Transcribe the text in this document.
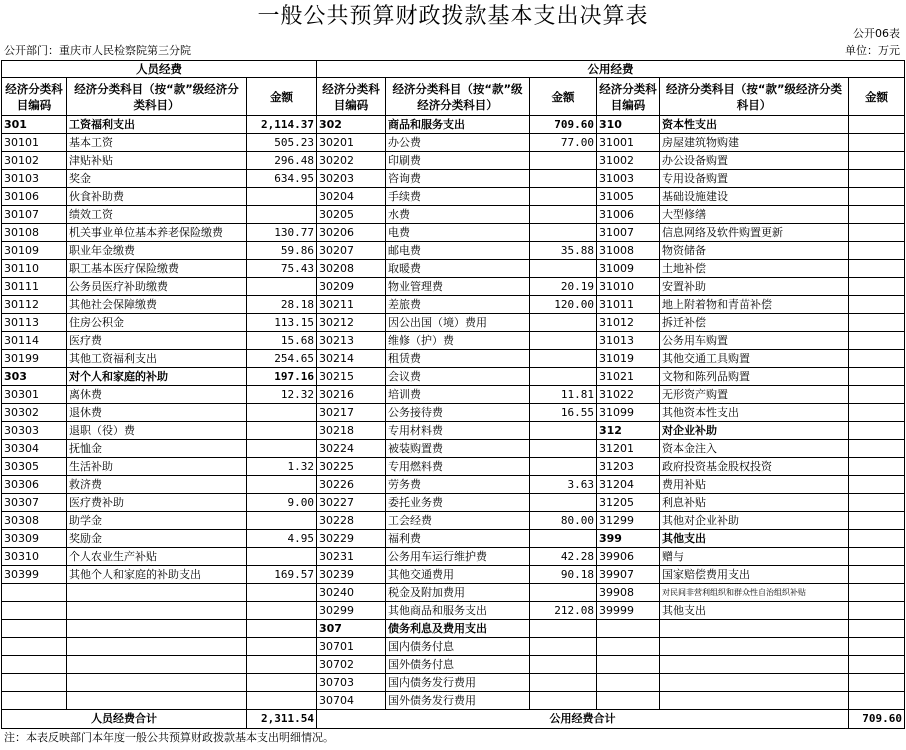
一般公共预算财政拨款基本支出决算表
公开06表
公开部门：重庆市人民检察院第三分院	单位：万元
人员经费			公用经费					
经济分类科目编码	经济分类科目（按“款”级经济分类科目）	金额	经济分类科目编码	经济分类科目（按“款”级经济分类科目）	金额	经济分类科目编码	经济分类科目（按“款”级经济分类科目）	金额
301	工资福利支出	2,114.37	302	商品和服务支出	709.60	310	资本性支出	
30101	基本工资	505.23	30201	办公费	77.00	31001	房屋建筑物购建	
30102	津贴补贴	296.48	30202	印刷费		31002	办公设备购置	
30103	奖金	634.95	30203	咨询费		31003	专用设备购置	
30106	伙食补助费		30204	手续费		31005	基础设施建设	
30107	绩效工资		30205	水费		31006	大型修缮	
30108	机关事业单位基本养老保险缴费	130.77	30206	电费		31007	信息网络及软件购置更新	
30109	职业年金缴费	59.86	30207	邮电费	35.88	31008	物资储备	
30110	职工基本医疗保险缴费	75.43	30208	取暖费		31009	土地补偿	
30111	公务员医疗补助缴费		30209	物业管理费	20.19	31010	安置补助	
30112	其他社会保障缴费	28.18	30211	差旅费	120.00	31011	地上附着物和青苗补偿	
30113	住房公积金	113.15	30212	因公出国（境）费用		31012	拆迁补偿	
30114	医疗费	15.68	30213	维修（护）费		31013	公务用车购置	
30199	其他工资福利支出	254.65	30214	租赁费		31019	其他交通工具购置	
303	对个人和家庭的补助	197.16	30215	会议费		31021	文物和陈列品购置	
30301	离休费	12.32	30216	培训费	11.81	31022	无形资产购置	
30302	退休费		30217	公务接待费	16.55	31099	其他资本性支出	
30303	退职（役）费		30218	专用材料费		312	对企业补助	
30304	抚恤金		30224	被装购置费		31201	资本金注入	
30305	生活补助	1.32	30225	专用燃料费		31203	政府投资基金股权投资	
30306	救济费		30226	劳务费	3.63	31204	费用补贴	
30307	医疗费补助	9.00	30227	委托业务费		31205	利息补贴	
30308	助学金		30228	工会经费	80.00	31299	其他对企业补助	
30309	奖励金	4.95	30229	福利费		399	其他支出	
30310	个人农业生产补贴		30231	公务用车运行维护费	42.28	39906	赠与	
30399	其他个人和家庭的补助支出	169.57	30239	其他交通费用	90.18	39907	国家赔偿费用支出	
			30240	税金及附加费用		39908	对民间非营利组织和群众性自治组织补贴	
			30299	其他商品和服务支出	212.08	39999	其他支出	
			307	债务利息及费用支出				
			30701	国内债务付息				
			30702	国外债务付息				
			30703	国内债务发行费用				
			30704	国外债务发行费用				
人员经费合计		2,311.54	公用经费合计					709.60
注：本表反映部门本年度一般公共预算财政拨款基本支出明细情况。
